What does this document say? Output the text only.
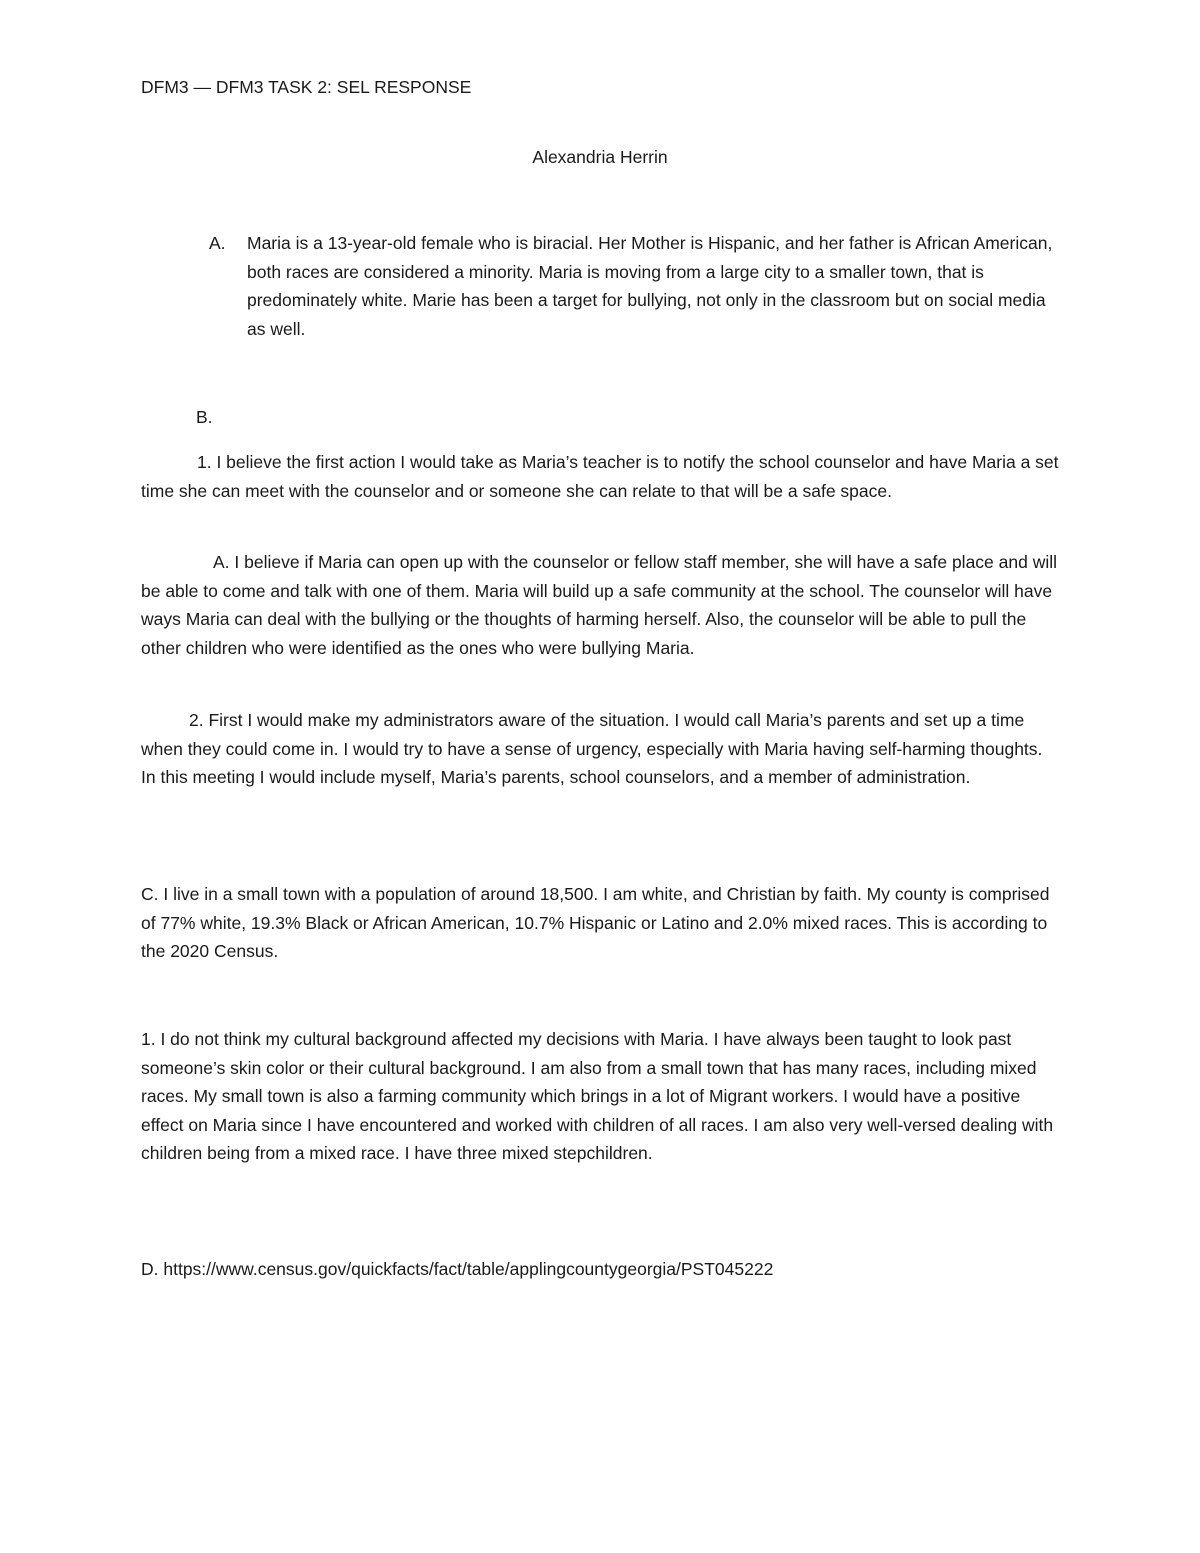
DFM3 — DFM3 TASK 2: SEL RESPONSE

Alexandria Herrin

A. Maria is a 13-year-old female who is biracial. Her Mother is Hispanic, and her father is African American, both races are considered a minority. Maria is moving from a large city to a smaller town, that is predominately white. Marie has been a target for bullying, not only in the classroom but on social media as well.

B.

1. I believe the first action I would take as Maria’s teacher is to notify the school counselor and have Maria a set time she can meet with the counselor and or someone she can relate to that will be a safe space.

A. I believe if Maria can open up with the counselor or fellow staff member, she will have a safe place and will be able to come and talk with one of them. Maria will build up a safe community at the school. The counselor will have ways Maria can deal with the bullying or the thoughts of harming herself. Also, the counselor will be able to pull the other children who were identified as the ones who were bullying Maria.

2. First I would make my administrators aware of the situation. I would call Maria’s parents and set up a time when they could come in. I would try to have a sense of urgency, especially with Maria having self-harming thoughts. In this meeting I would include myself, Maria’s parents, school counselors, and a member of administration.

C. I live in a small town with a population of around 18,500. I am white, and Christian by faith. My county is comprised of 77% white, 19.3% Black or African American, 10.7% Hispanic or Latino and 2.0% mixed races. This is according to the 2020 Census.

1. I do not think my cultural background affected my decisions with Maria. I have always been taught to look past someone’s skin color or their cultural background. I am also from a small town that has many races, including mixed races. My small town is also a farming community which brings in a lot of Migrant workers. I would have a positive effect on Maria since I have encountered and worked with children of all races. I am also very well-versed dealing with children being from a mixed race. I have three mixed stepchildren.

D. https://www.census.gov/quickfacts/fact/table/applingcountygeorgia/PST045222
